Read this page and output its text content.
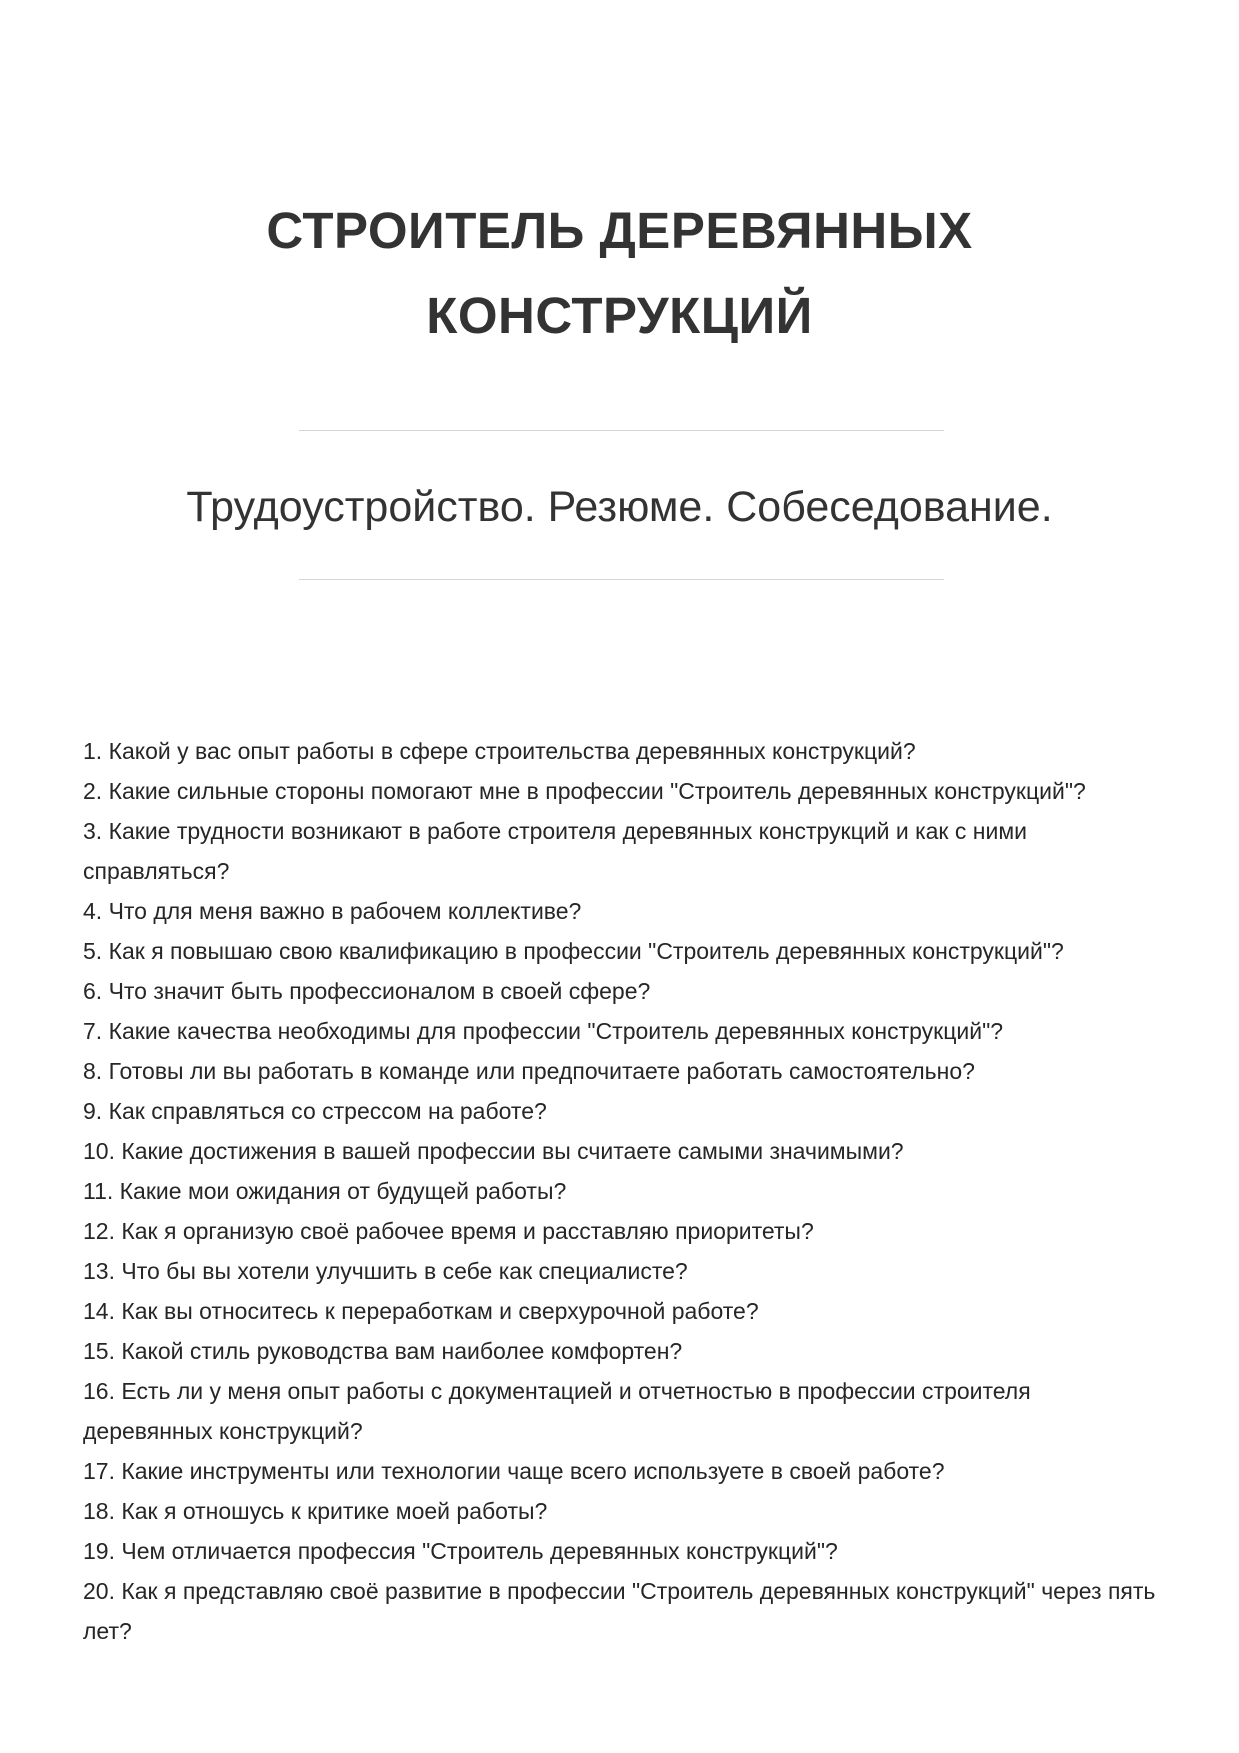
СТРОИТЕЛЬ ДЕРЕВЯННЫХ
КОНСТРУКЦИЙ
Трудоустройство. Резюме. Собеседование.
1. Какой у вас опыт работы в сфере строительства деревянных конструкций?
2. Какие сильные стороны помогают мне в профессии "Строитель деревянных конструкций"?
3. Какие трудности возникают в работе строителя деревянных конструкций и как с ними справляться?
4. Что для меня важно в рабочем коллективе?
5. Как я повышаю свою квалификацию в профессии "Строитель деревянных конструкций"?
6. Что значит быть профессионалом в своей сфере?
7. Какие качества необходимы для профессии "Строитель деревянных конструкций"?
8. Готовы ли вы работать в команде или предпочитаете работать самостоятельно?
9. Как справляться со стрессом на работе?
10. Какие достижения в вашей профессии вы считаете самыми значимыми?
11. Какие мои ожидания от будущей работы?
12. Как я организую своё рабочее время и расставляю приоритеты?
13. Что бы вы хотели улучшить в себе как специалисте?
14. Как вы относитесь к переработкам и сверхурочной работе?
15. Какой стиль руководства вам наиболее комфортен?
16. Есть ли у меня опыт работы с документацией и отчетностью в профессии строителя деревянных конструкций?
17. Какие инструменты или технологии чаще всего используете в своей работе?
18. Как я отношусь к критике моей работы?
19. Чем отличается профессия "Строитель деревянных конструкций"?
20. Как я представляю своё развитие в профессии "Строитель деревянных конструкций" через пять лет?
